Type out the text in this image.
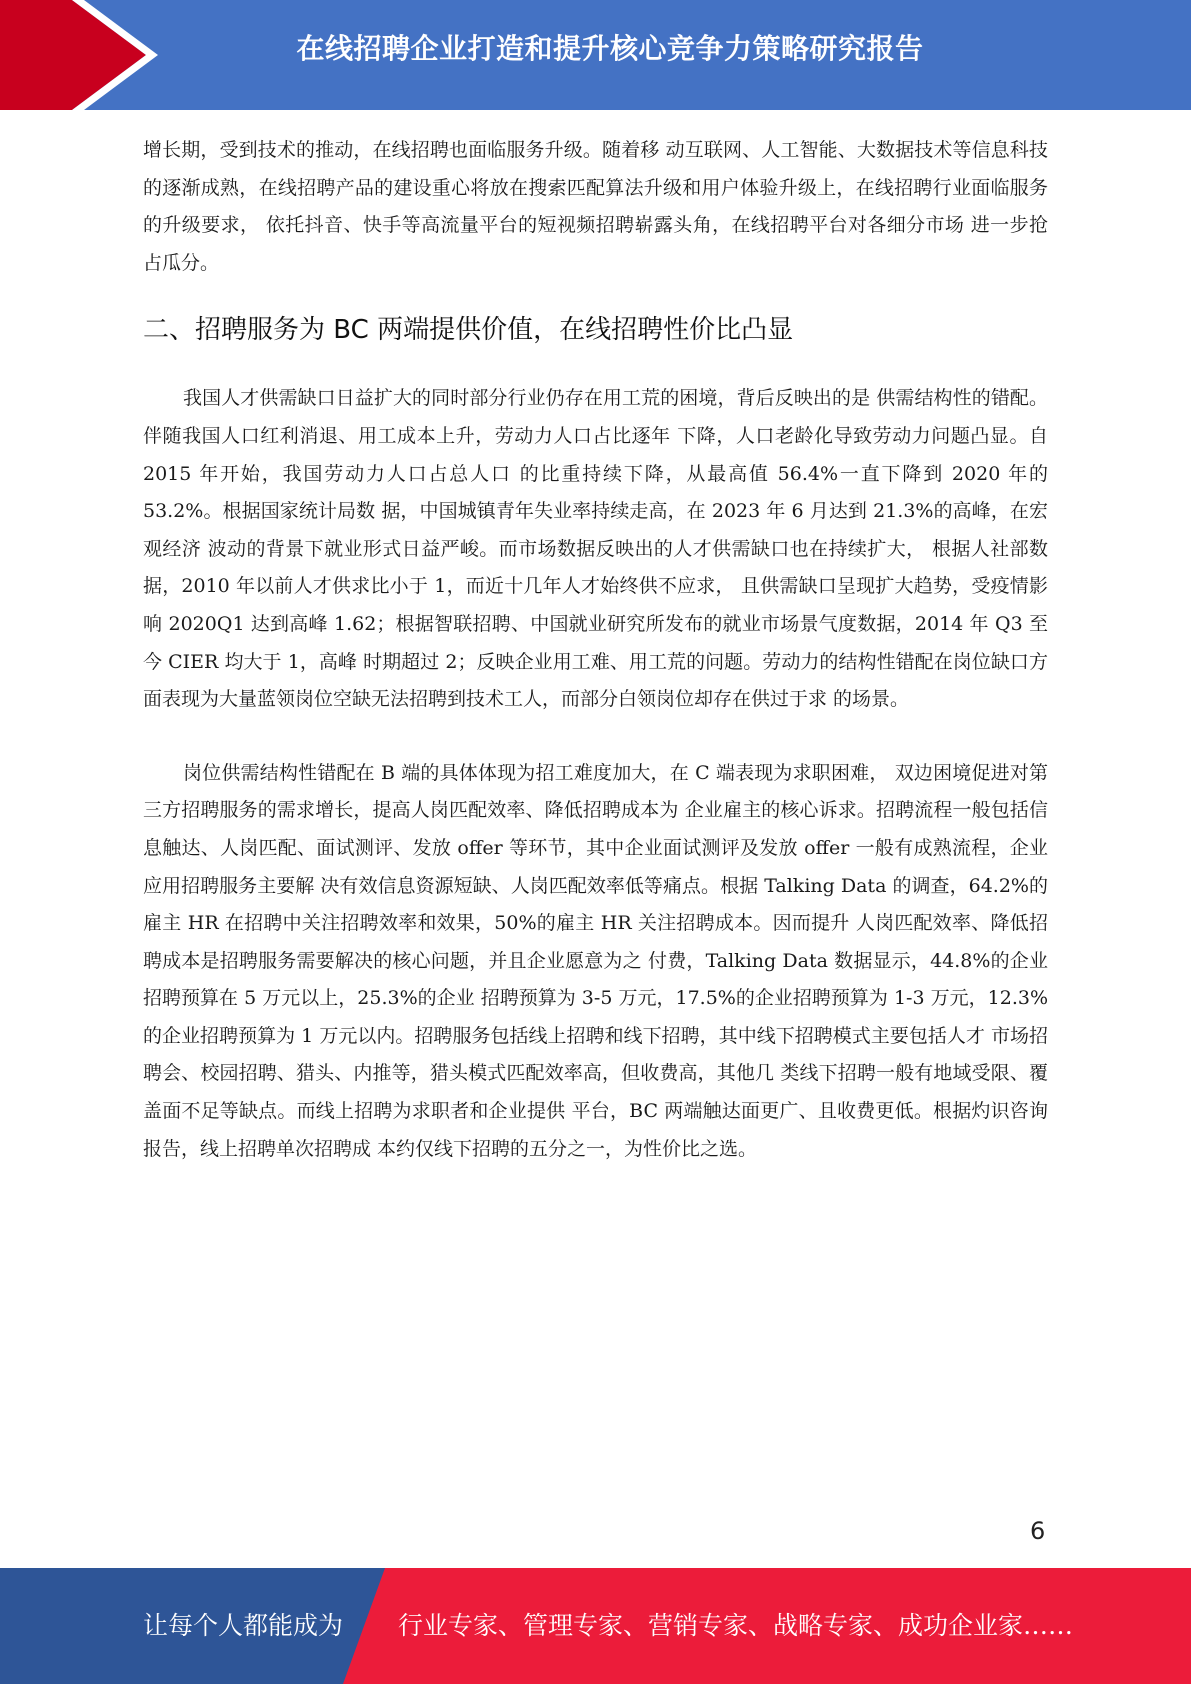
在线招聘企业打造和提升核心竞争力策略研究报告

增长期，受到技术的推动，在线招聘也面临服务升级。随着移 动互联网、人工智能、大数据技术等信息科技的逐渐成熟，在线招聘产品的建设重心将放在搜索匹配算法升级和用户体验升级上，在线招聘行业面临服务的升级要求， 依托抖音、快手等高流量平台的短视频招聘崭露头角，在线招聘平台对各细分市场 进一步抢占瓜分。

二、招聘服务为 BC 两端提供价值，在线招聘性价比凸显

我国人才供需缺口日益扩大的同时部分行业仍存在用工荒的困境，背后反映出的是 供需结构性的错配。伴随我国人口红利消退、用工成本上升，劳动力人口占比逐年 下降，人口老龄化导致劳动力问题凸显。自 2015 年开始，我国劳动力人口占总人口 的比重持续下降，从最高值 56.4%一直下降到 2020 年的 53.2%。根据国家统计局数 据，中国城镇青年失业率持续走高，在 2023 年 6 月达到 21.3%的高峰，在宏观经济 波动的背景下就业形式日益严峻。而市场数据反映出的人才供需缺口也在持续扩大， 根据人社部数据，2010 年以前人才供求比小于 1，而近十几年人才始终供不应求， 且供需缺口呈现扩大趋势，受疫情影响 2020Q1 达到高峰 1.62；根据智联招聘、中国就业研究所发布的就业市场景气度数据，2014 年 Q3 至今 CIER 均大于 1，高峰 时期超过 2；反映企业用工难、用工荒的问题。劳动力的结构性错配在岗位缺口方 面表现为大量蓝领岗位空缺无法招聘到技术工人，而部分白领岗位却存在供过于求 的场景。

岗位供需结构性错配在 B 端的具体体现为招工难度加大，在 C 端表现为求职困难， 双边困境促进对第三方招聘服务的需求增长，提高人岗匹配效率、降低招聘成本为 企业雇主的核心诉求。招聘流程一般包括信息触达、人岗匹配、面试测评、发放 offer 等环节，其中企业面试测评及发放 offer 一般有成熟流程，企业应用招聘服务主要解 决有效信息资源短缺、人岗匹配效率低等痛点。根据 Talking Data 的调查，64.2%的 雇主 HR 在招聘中关注招聘效率和效果，50%的雇主 HR 关注招聘成本。因而提升 人岗匹配效率、降低招聘成本是招聘服务需要解决的核心问题，并且企业愿意为之 付费，Talking Data 数据显示，44.8%的企业招聘预算在 5 万元以上，25.3%的企业 招聘预算为 3-5 万元，17.5%的企业招聘预算为 1-3 万元，12.3%的企业招聘预算为 1 万元以内。招聘服务包括线上招聘和线下招聘，其中线下招聘模式主要包括人才 市场招聘会、校园招聘、猎头、内推等，猎头模式匹配效率高，但收费高，其他几 类线下招聘一般有地域受限、覆盖面不足等缺点。而线上招聘为求职者和企业提供 平台，BC 两端触达面更广、且收费更低。根据灼识咨询报告，线上招聘单次招聘成 本约仅线下招聘的五分之一，为性价比之选。

6
让每个人都能成为 行业专家、管理专家、营销专家、战略专家、成功企业家……
